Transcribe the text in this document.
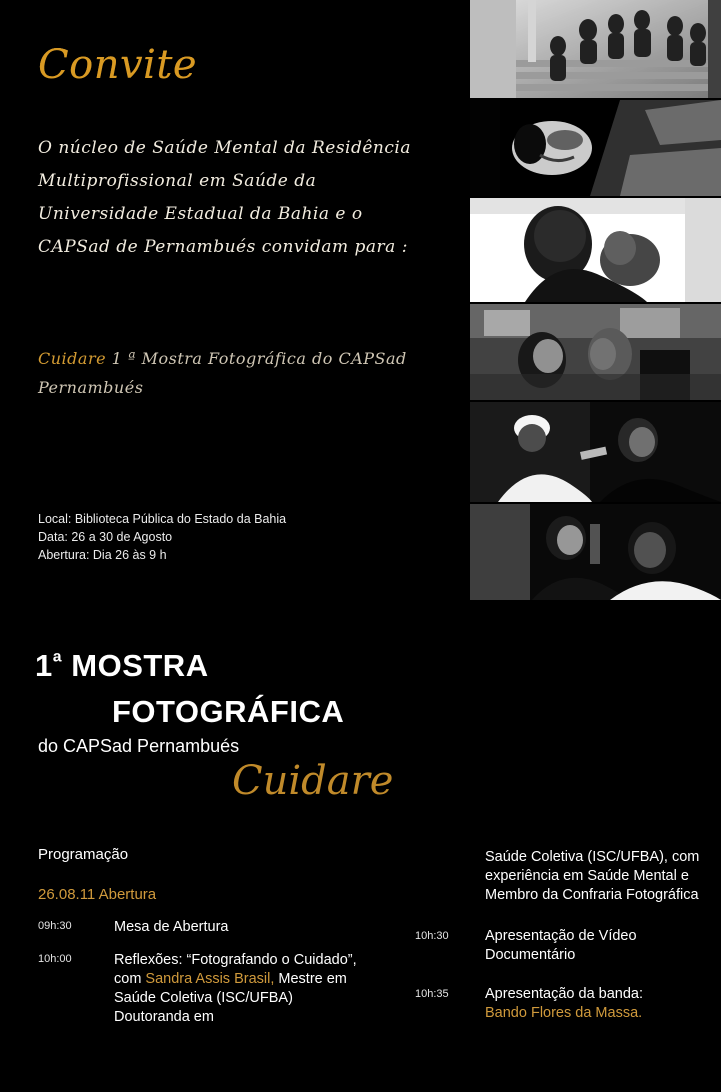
Convite
O núcleo de Saúde Mental da Residência Multiprofissional em Saúde da Universidade Estadual da Bahia e o CAPSad de Pernambués convidam para :
Cuidare 1 ª Mostra Fotográfica do CAPSad Pernambués
Local: Biblioteca Pública do Estado da Bahia
Data: 26 a 30 de Agosto
Abertura: Dia 26 às 9 h
$1^ª$ MOSTRA
FOTOGRÁFICA
do CAPSad Pernambués
Cuidare
Programação
26.08.11 Abertura
09h:30	Mesa de Abertura
10h:00	Reflexões: “Fotografando o Cuidado”, com Sandra Assis Brasil, Mestre em Saúde Coletiva (ISC/UFBA) Doutoranda em
Saúde Coletiva (ISC/UFBA), com experiência em Saúde Mental e Membro da Confraria Fotográfica
10h:30	Apresentação de Vídeo Documentário
10h:35	Apresentação da banda:
Bando Flores da Massa.
